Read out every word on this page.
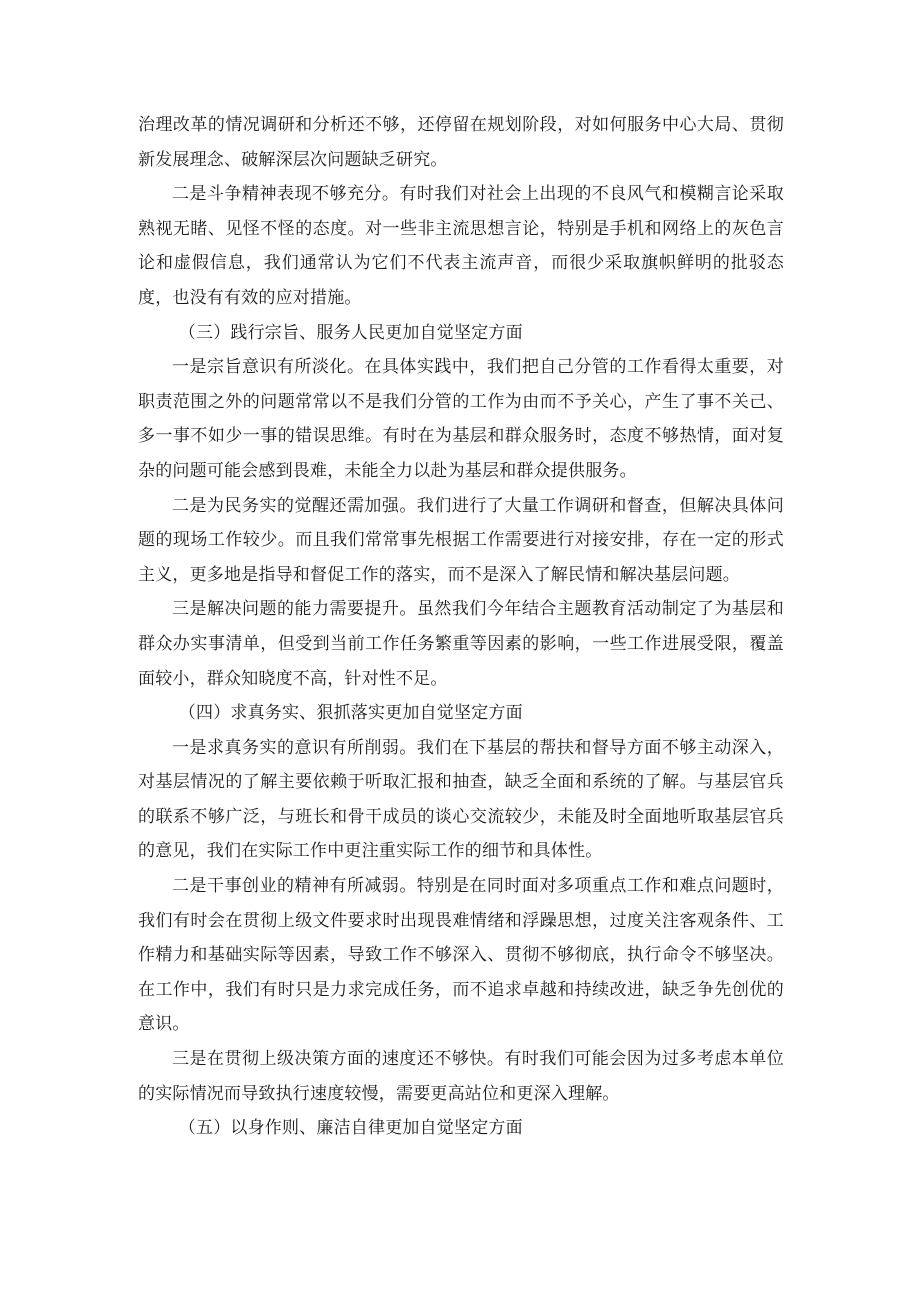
治理改革的情况调研和分析还不够，还停留在规划阶段，对如何服务中心大局、贯彻新发展理念、破解深层次问题缺乏研究。

二是斗争精神表现不够充分。有时我们对社会上出现的不良风气和模糊言论采取熟视无睹、见怪不怪的态度。对一些非主流思想言论，特别是手机和网络上的灰色言论和虚假信息，我们通常认为它们不代表主流声音，而很少采取旗帜鲜明的批驳态度，也没有有效的应对措施。

（三）践行宗旨、服务人民更加自觉坚定方面

一是宗旨意识有所淡化。在具体实践中，我们把自己分管的工作看得太重要，对职责范围之外的问题常常以不是我们分管的工作为由而不予关心，产生了事不关己、多一事不如少一事的错误思维。有时在为基层和群众服务时，态度不够热情，面对复杂的问题可能会感到畏难，未能全力以赴为基层和群众提供服务。

二是为民务实的觉醒还需加强。我们进行了大量工作调研和督查，但解决具体问题的现场工作较少。而且我们常常事先根据工作需要进行对接安排，存在一定的形式主义，更多地是指导和督促工作的落实，而不是深入了解民情和解决基层问题。

三是解决问题的能力需要提升。虽然我们今年结合主题教育活动制定了为基层和群众办实事清单，但受到当前工作任务繁重等因素的影响，一些工作进展受限，覆盖面较小，群众知晓度不高，针对性不足。

（四）求真务实、狠抓落实更加自觉坚定方面

一是求真务实的意识有所削弱。我们在下基层的帮扶和督导方面不够主动深入，对基层情况的了解主要依赖于听取汇报和抽查，缺乏全面和系统的了解。与基层官兵的联系不够广泛，与班长和骨干成员的谈心交流较少，未能及时全面地听取基层官兵的意见，我们在实际工作中更注重实际工作的细节和具体性。

二是干事创业的精神有所减弱。特别是在同时面对多项重点工作和难点问题时，我们有时会在贯彻上级文件要求时出现畏难情绪和浮躁思想，过度关注客观条件、工作精力和基础实际等因素，导致工作不够深入、贯彻不够彻底，执行命令不够坚决。在工作中，我们有时只是力求完成任务，而不追求卓越和持续改进，缺乏争先创优的意识。

三是在贯彻上级决策方面的速度还不够快。有时我们可能会因为过多考虑本单位的实际情况而导致执行速度较慢，需要更高站位和更深入理解。

（五）以身作则、廉洁自律更加自觉坚定方面
